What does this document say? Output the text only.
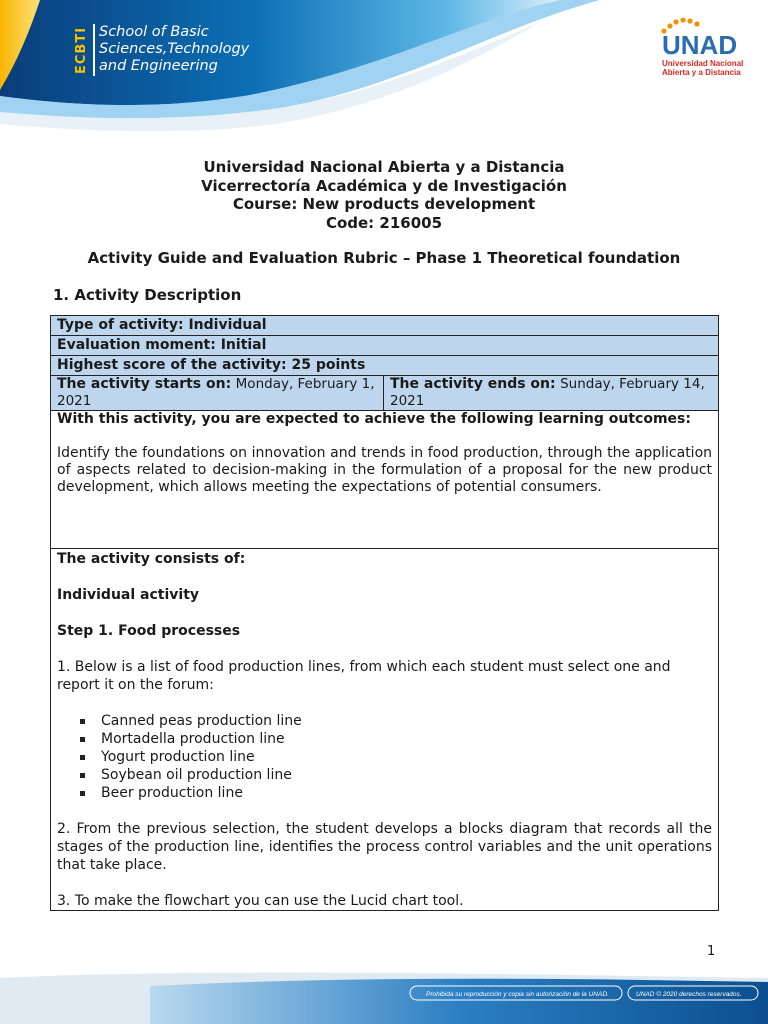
ECBTI School of Basic
Sciences,Technology
and Engineering
UNAD
Universidad Nacional
Abierta y a Distancia
Universidad Nacional Abierta y a Distancia
Vicerrectoría Académica y de Investigación
Course: New products development
Code: 216005
Activity Guide and Evaluation Rubric – Phase 1 Theoretical foundation
1. Activity Description
Type of activity: Individual
Evaluation moment: Initial
Highest score of the activity: 25 points
The activity starts on: Monday, February 1, 2021	The activity ends on: Sunday, February 14, 2021

With this activity, you are expected to achieve the following learning outcomes:

Identify the foundations on innovation and trends in food production, through the application of aspects related to decision-making in the formulation of a proposal for the new product development, which allows meeting the expectations of potential consumers.

The activity consists of:

Individual activity

Step 1. Food processes

1. Below is a list of food production lines, from which each student must select one and report it on the forum:

Canned peas production line
Mortadella production line
Yogurt production line
Soybean oil production line
Beer production line

2. From the previous selection, the student develops a blocks diagram that records all the stages of the production line, identifies the process control variables and the unit operations that take place.

3. To make the flowchart you can use the Lucid chart tool.

1
Prohibida su reproducción y copia sin autorización de la UNAD.	UNAD © 2020 derechos reservados.
